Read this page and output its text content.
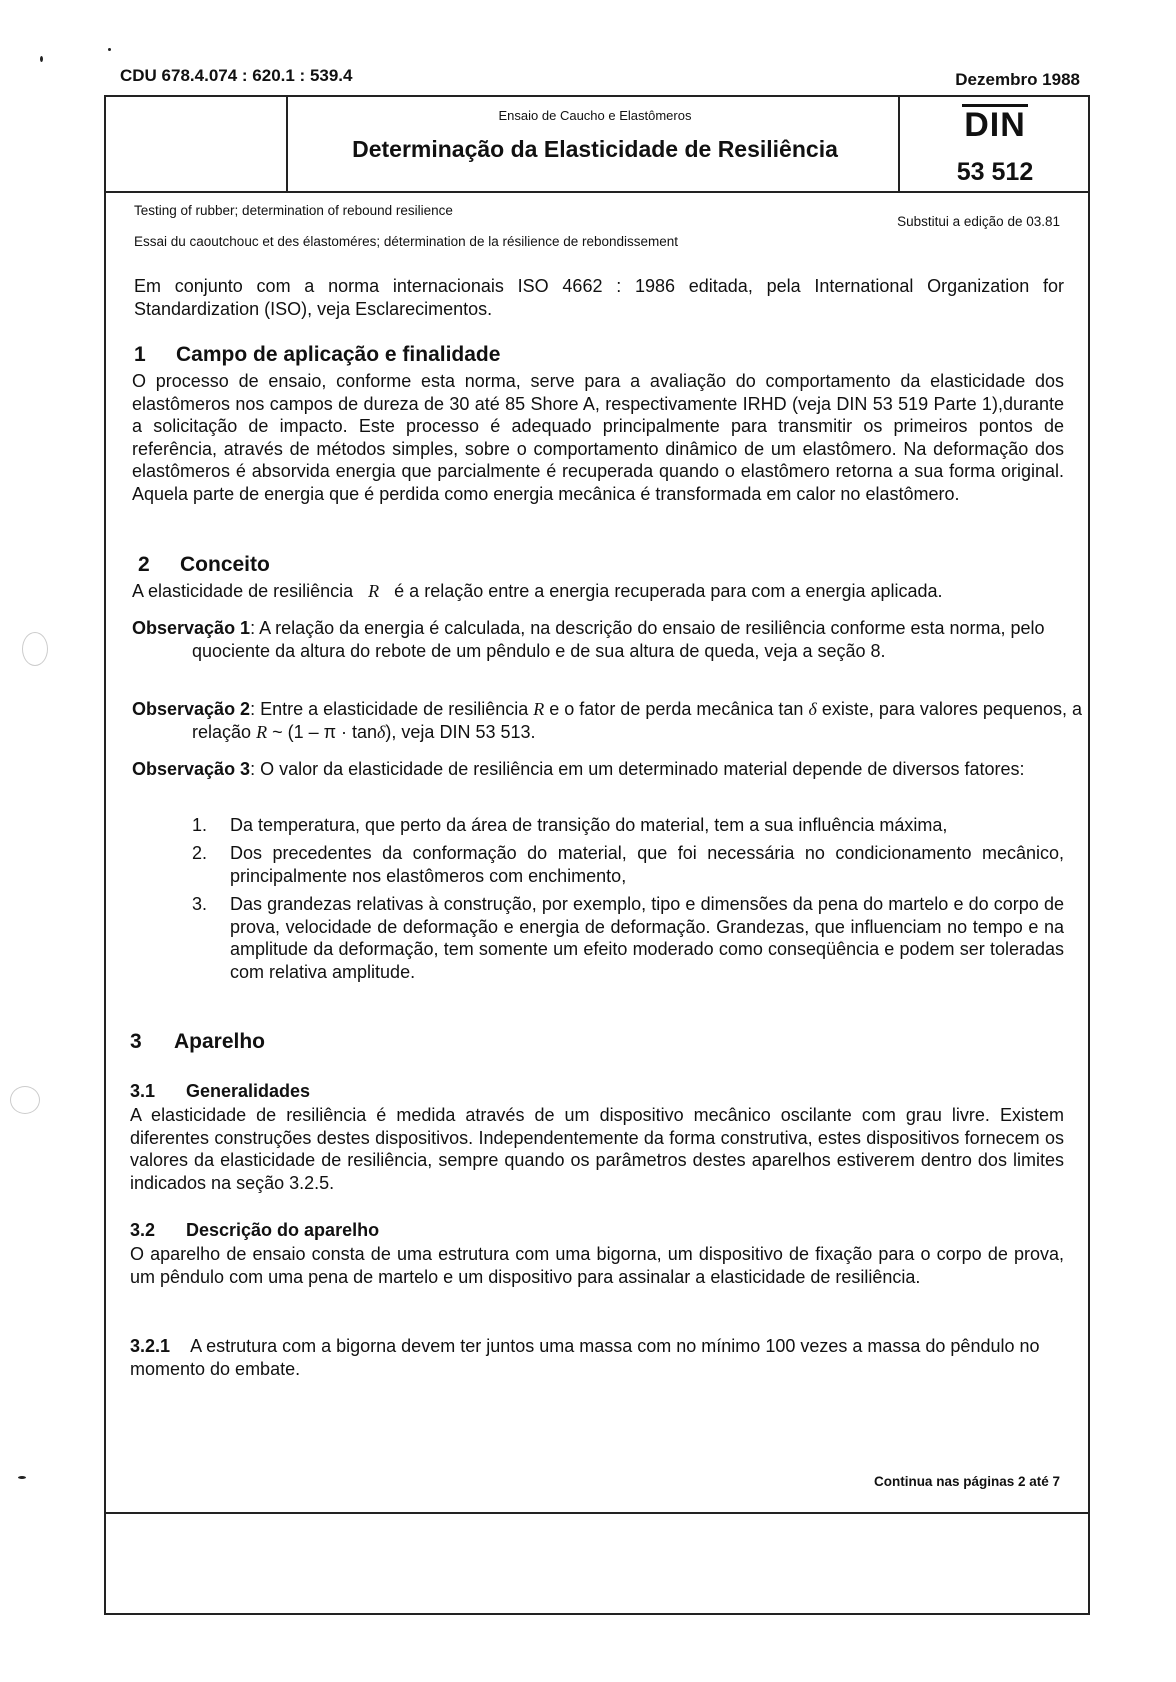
CDU 678.4.074 : 620.1 : 539.4	Dezembro 1988
Ensaio de Caucho e Elastômeros
Determinação da Elasticidade de Resiliência
DIN
53 512
Testing of rubber; determination of rebound resilience
Essai du caoutchouc et des élastoméres; détermination de la résilience de rebondissement
Substitui a edição de 03.81
Em conjunto com a norma internacionais ISO 4662 : 1986 editada, pela International Organization for Standardization (ISO), veja Esclarecimentos.
1 Campo de aplicação e finalidade
O processo de ensaio, conforme esta norma, serve para a avaliação do comportamento da elasticidade dos elastômeros nos campos de dureza de 30 até 85 Shore A, respectivamente IRHD (veja DIN 53 519 Parte 1),durante a solicitação de impacto. Este processo é adequado principalmente para transmitir os primeiros pontos de referência, através de métodos simples, sobre o comportamento dinâmico de um elastômero. Na deformação dos elastômeros é absorvida energia que parcialmente é recuperada quando o elastômero retorna a sua forma original. Aquela parte de energia que é perdida como energia mecânica é transformada em calor no elastômero.
2 Conceito
A elasticidade de resiliência R é a relação entre a energia recuperada para com a energia aplicada.
Observação 1: A relação da energia é calculada, na descrição do ensaio de resiliência conforme esta norma, pelo quociente da altura do rebote de um pêndulo e de sua altura de queda, veja a seção 8.
Observação 2: Entre a elasticidade de resiliência R e o fator de perda mecânica tan δ existe, para valores pequenos, a relação R ~ (1 – π · tanδ), veja DIN 53 513.
Observação 3: O valor da elasticidade de resiliência em um determinado material depende de diversos fatores:
1. Da temperatura, que perto da área de transição do material, tem a sua influência máxima,
2. Dos precedentes da conformação do material, que foi necessária no condicionamento mecânico, principalmente nos elastômeros com enchimento,
3. Das grandezas relativas à construção, por exemplo, tipo e dimensões da pena do martelo e do corpo de prova, velocidade de deformação e energia de deformação. Grandezas, que influenciam no tempo e na amplitude da deformação, tem somente um efeito moderado como conseqüência e podem ser toleradas com relativa amplitude.
3 Aparelho
3.1 Generalidades
A elasticidade de resiliência é medida através de um dispositivo mecânico oscilante com grau livre. Existem diferentes construções destes dispositivos. Independentemente da forma construtiva, estes dispositivos fornecem os valores da elasticidade de resiliência, sempre quando os parâmetros destes aparelhos estiverem dentro dos limites indicados na seção 3.2.5.
3.2 Descrição do aparelho
O aparelho de ensaio consta de uma estrutura com uma bigorna, um dispositivo de fixação para o corpo de prova, um pêndulo com uma pena de martelo e um dispositivo para assinalar a elasticidade de resiliência.
3.2.1 A estrutura com a bigorna devem ter juntos uma massa com no mínimo 100 vezes a massa do pêndulo no momento do embate.
Continua nas páginas 2 até 7
